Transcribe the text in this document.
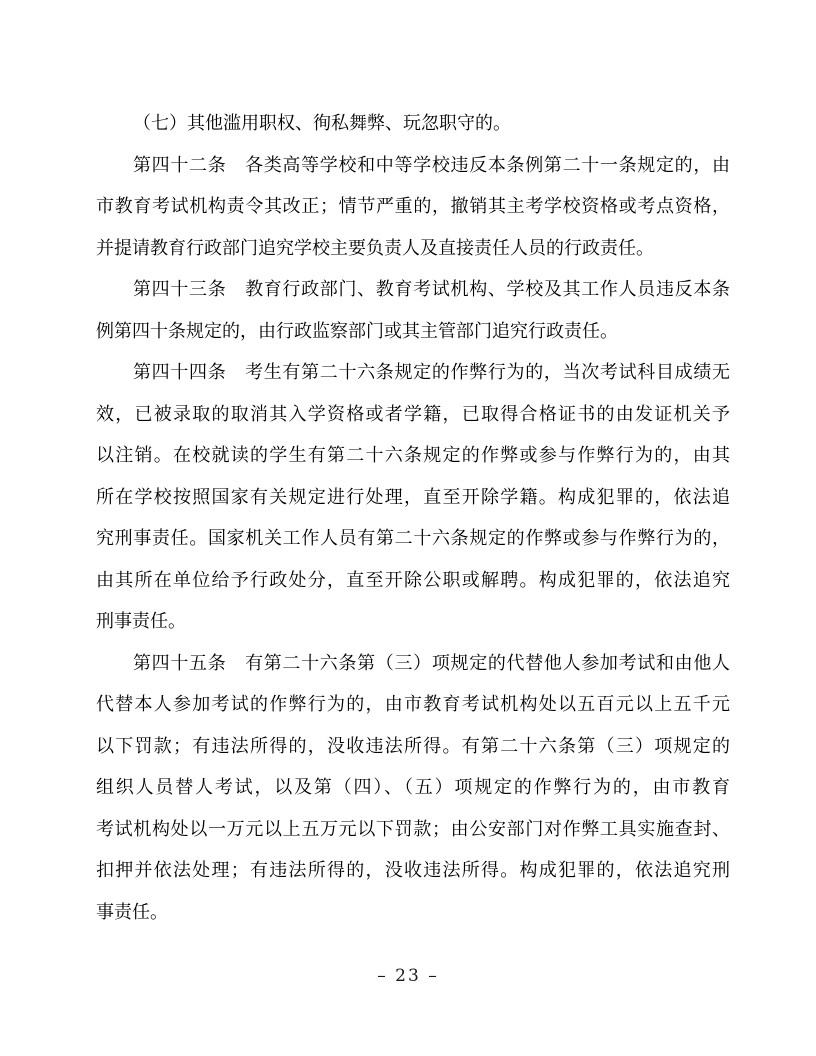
（七）其他滥用职权、徇私舞弊、玩忽职守的。
第四十二条　各类高等学校和中等学校违反本条例第二十一条规定的，由
市教育考试机构责令其改正；情节严重的，撤销其主考学校资格或考点资格，
并提请教育行政部门追究学校主要负责人及直接责任人员的行政责任。
第四十三条　教育行政部门、教育考试机构、学校及其工作人员违反本条
例第四十条规定的，由行政监察部门或其主管部门追究行政责任。
第四十四条　考生有第二十六条规定的作弊行为的，当次考试科目成绩无
效，已被录取的取消其入学资格或者学籍，已取得合格证书的由发证机关予
以注销。在校就读的学生有第二十六条规定的作弊或参与作弊行为的，由其
所在学校按照国家有关规定进行处理，直至开除学籍。构成犯罪的，依法追
究刑事责任。国家机关工作人员有第二十六条规定的作弊或参与作弊行为的，
由其所在单位给予行政处分，直至开除公职或解聘。构成犯罪的，依法追究
刑事责任。
第四十五条　有第二十六条第（三）项规定的代替他人参加考试和由他人
代替本人参加考试的作弊行为的，由市教育考试机构处以五百元以上五千元
以下罚款；有违法所得的，没收违法所得。有第二十六条第（三）项规定的
组织人员替人考试，以及第（四）、（五）项规定的作弊行为的，由市教育
考试机构处以一万元以上五万元以下罚款；由公安部门对作弊工具实施查封、
扣押并依法处理；有违法所得的，没收违法所得。构成犯罪的，依法追究刑
事责任。
– 23 –
